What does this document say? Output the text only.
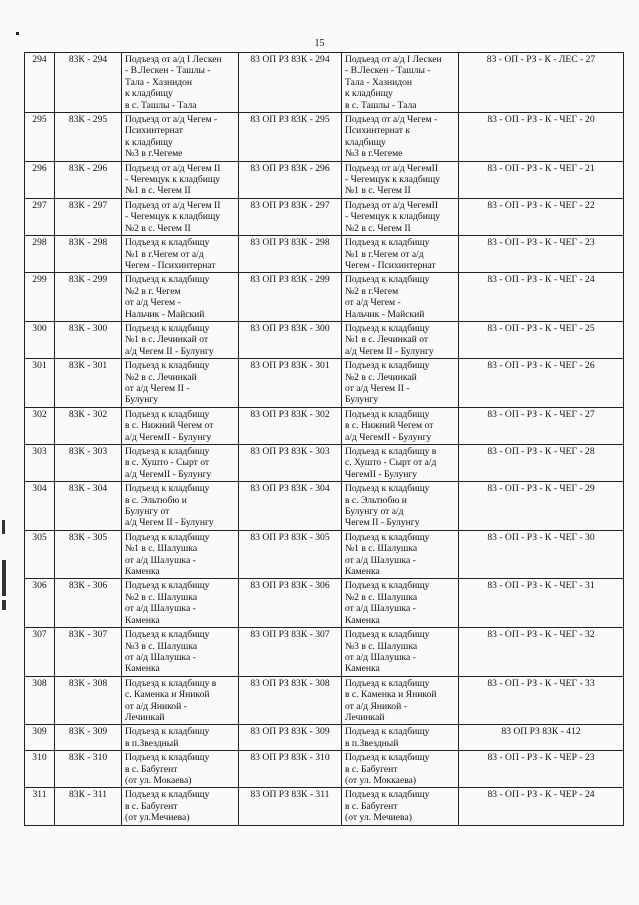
15
294	83К - 294	Подъезд от а/д I Лескен
- В.Лескен - Ташлы -
Тала - Хазнидон
к кладбищу
в с. Ташлы - Тала	83 ОП РЗ 83К - 294	Подъезд от а/д I Лескен
- В.Лескен - Ташлы -
Тала - Хазнидон
к кладбищу
в с. Ташлы - Тала	83 - ОП - РЗ - К - ЛЕС - 27
295	83К - 295	Подъезд от а/д Чегем -
Психинтернат
к кладбищу
№3 в г.Чегеме	83 ОП РЗ 83К - 295	Подъезд от а/д Чегем -
Психинтернат к
кладбищу
№3 в г.Чегеме	83 - ОП - РЗ - К - ЧЕГ - 20
296	83К - 296	Подъезд от а/д Чегем II
- Чегемцук к кладбищу
№1 в с. Чегем II	83 ОП РЗ 83К - 296	Подъезд от а/д ЧегемII
- Чегемцук к кладбищу
№1 в с. Чегем II	83 - ОП - РЗ - К - ЧЕГ - 21
297	83К - 297	Подъезд от а/д Чегем II
- Чегемцук к кладбищу
№2 в с. Чегем II	83 ОП РЗ 83К - 297	Подъезд от а/д ЧегемII
- Чегемцук к кладбищу
№2 в с. Чегем II	83 - ОП - РЗ - К - ЧЕГ - 22
298	83К - 298	Подъезд к кладбищу
№1 в г.Чегем от а/д
Чегем - Психинтернат	83 ОП РЗ 83К - 298	Подъезд к кладбищу
№1 в г.Чегем от а/д
Чегем - Психинтернат	83 - ОП - РЗ - К - ЧЕГ - 23
299	83К - 299	Подъезд к кладбищу
№2 в г. Чегем
от а/д Чегем -
Нальчик - Майский	83 ОП РЗ 83К - 299	Подъезд к кладбищу
№2 в г.Чегем
от а/д Чегем -
Нальчик - Майский	83 - ОП - РЗ - К - ЧЕГ - 24
300	83К - 300	Подъезд к кладбищу
№1 в с. Лечинкай от
а/д Чегем II - Булунгу	83 ОП РЗ 83К - 300	Подъезд к кладбищу
№1 в с. Лечинкай от
а/д Чегем II - Булунгу	83 - ОП - РЗ - К - ЧЕГ - 25
301	83К - 301	Подъезд к кладбищу
№2 в с. Лечинкай
от а/д Чегем II -
Булунгу	83 ОП РЗ 83К - 301	Подъезд к кладбищу
№2 в с. Лечинкай
от а/д Чегем II -
Булунгу	83 - ОП - РЗ - К - ЧЕГ - 26
302	83К - 302	Подъезд к кладбищу
в с. Нижний Чегем от
а/д ЧегемII - Булунгу	83 ОП РЗ 83К - 302	Подъезд к кладбищу
в с. Нижний Чегем от
а/д ЧегемII - Булунгу	83 - ОП - РЗ - К - ЧЕГ - 27
303	83К - 303	Подъезд к кладбищу
в с. Хушто - Сырт от
а/д ЧегемII - Булунгу	83 ОП РЗ 83К - 303	Подъезд к кладбищу в
с. Хушто - Сырт от а/д
ЧегемII - Булунгу	83 - ОП - РЗ - К - ЧЕГ - 28
304	83К - 304	Подъезд к кладбищу
в с. Эльтюбю и
Булунгу от
а/д Чегем II - Булунгу	83 ОП РЗ 83К - 304	Подъезд к кладбищу
в с. Эльтюбю и
Булунгу от а/д
Чегем II - Булунгу	83 - ОП - РЗ - К - ЧЕГ - 29
305	83К - 305	Подъезд к кладбищу
№1 в с. Шалушка
от а/д Шалушка -
Каменка	83 ОП РЗ 83К - 305	Подъезд к кладбищу
№1 в с. Шалушка
от а/д Шалушка -
Каменка	83 - ОП - РЗ - К - ЧЕГ - 30
306	83К - 306	Подъезд к кладбищу
№2 в с. Шалушка
от а/д Шалушка -
Каменка	83 ОП РЗ 83К - 306	Подъезд к кладбищу
№2 в с. Шалушка
от а/д Шалушка -
Каменка	83 - ОП - РЗ - К - ЧЕГ - 31
307	83К - 307	Подъезд к кладбищу
№3 в с. Шалушка
от а/д Шалушка -
Каменка	83 ОП РЗ 83К - 307	Подъезд к кладбищу
№3 в с. Шалушка
от а/д Шалушка -
Каменка	83 - ОП - РЗ - К - ЧЕГ - 32
308	83К - 308	Подъезд к кладбищу в
с. Каменка и Яникой
от а/д Яникой -
Лечинкай	83 ОП РЗ 83К - 308	Подъезд к кладбищу
в с. Каменка и Яникой
от а/д Яникой -
Лечинкай	83 - ОП - РЗ - К - ЧЕГ - 33
309	83К - 309	Подъезд к кладбищу
в п.Звездный	83 ОП РЗ 83К - 309	Подъезд к кладбищу
в п.Звездный	83 ОП РЗ 83К - 412
310	83К - 310	Подъезд к кладбищу
в с. Бабугент
(от ул. Мокаева)	83 ОП РЗ 83К - 310	Подъезд к кладбищу
в с. Бабугент
(от ул. Моккаева)	83 - ОП - РЗ - К - ЧЕР - 23
311	83К - 311	Подъезд к кладбищу
в с. Бабугент
(от ул.Мечиева)	83 ОП РЗ 83К - 311	Подъезд к кладбищу
в с. Бабугент
(от ул. Мечиева)	83 - ОП - РЗ - К - ЧЕР - 24
